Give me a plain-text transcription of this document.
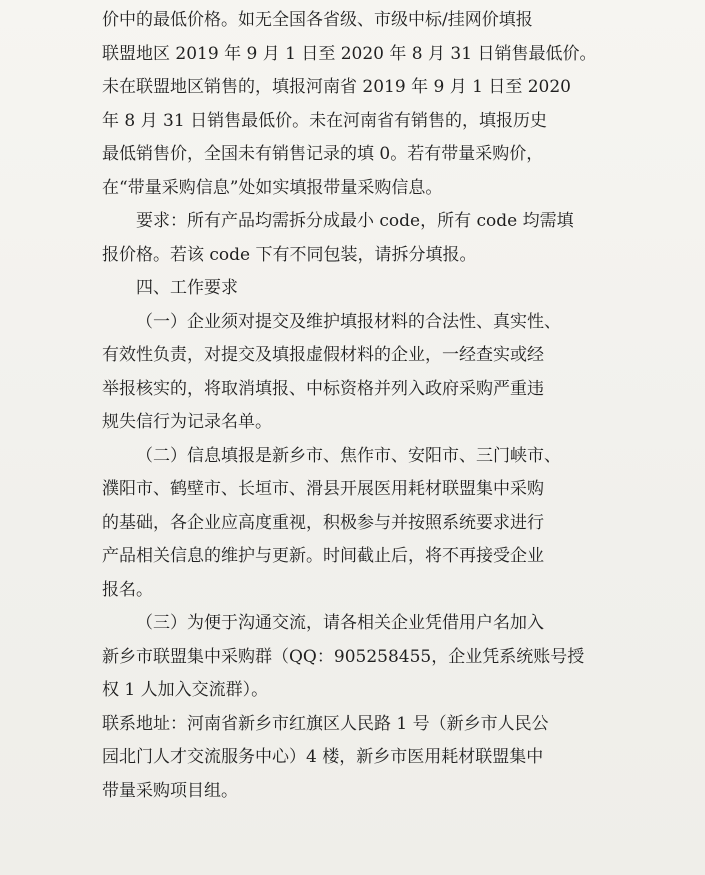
价中的最低价格。如无全国各省级、市级中标/挂网价填报
联盟地区 2019 年 9 月 1 日至 2020 年 8 月 31 日销售最低价。
未在联盟地区销售的，填报河南省 2019 年 9 月 1 日至 2020
年 8 月 31 日销售最低价。未在河南省有销售的，填报历史
最低销售价，全国未有销售记录的填 0。若有带量采购价，
在“带量采购信息”处如实填报带量采购信息。
要求：所有产品均需拆分成最小 code，所有 code 均需填
报价格。若该 code 下有不同包装，请拆分填报。
四、工作要求
（一）企业须对提交及维护填报材料的合法性、真实性、
有效性负责，对提交及填报虚假材料的企业，一经查实或经
举报核实的，将取消填报、中标资格并列入政府采购严重违
规失信行为记录名单。
（二）信息填报是新乡市、焦作市、安阳市、三门峡市、
濮阳市、鹤壁市、长垣市、滑县开展医用耗材联盟集中采购
的基础，各企业应高度重视，积极参与并按照系统要求进行
产品相关信息的维护与更新。时间截止后，将不再接受企业
报名。
（三）为便于沟通交流，请各相关企业凭借用户名加入
新乡市联盟集中采购群（QQ：905258455，企业凭系统账号授
权 1 人加入交流群）。
联系地址：河南省新乡市红旗区人民路 1 号（新乡市人民公
园北门人才交流服务中心）4 楼，新乡市医用耗材联盟集中
带量采购项目组。
